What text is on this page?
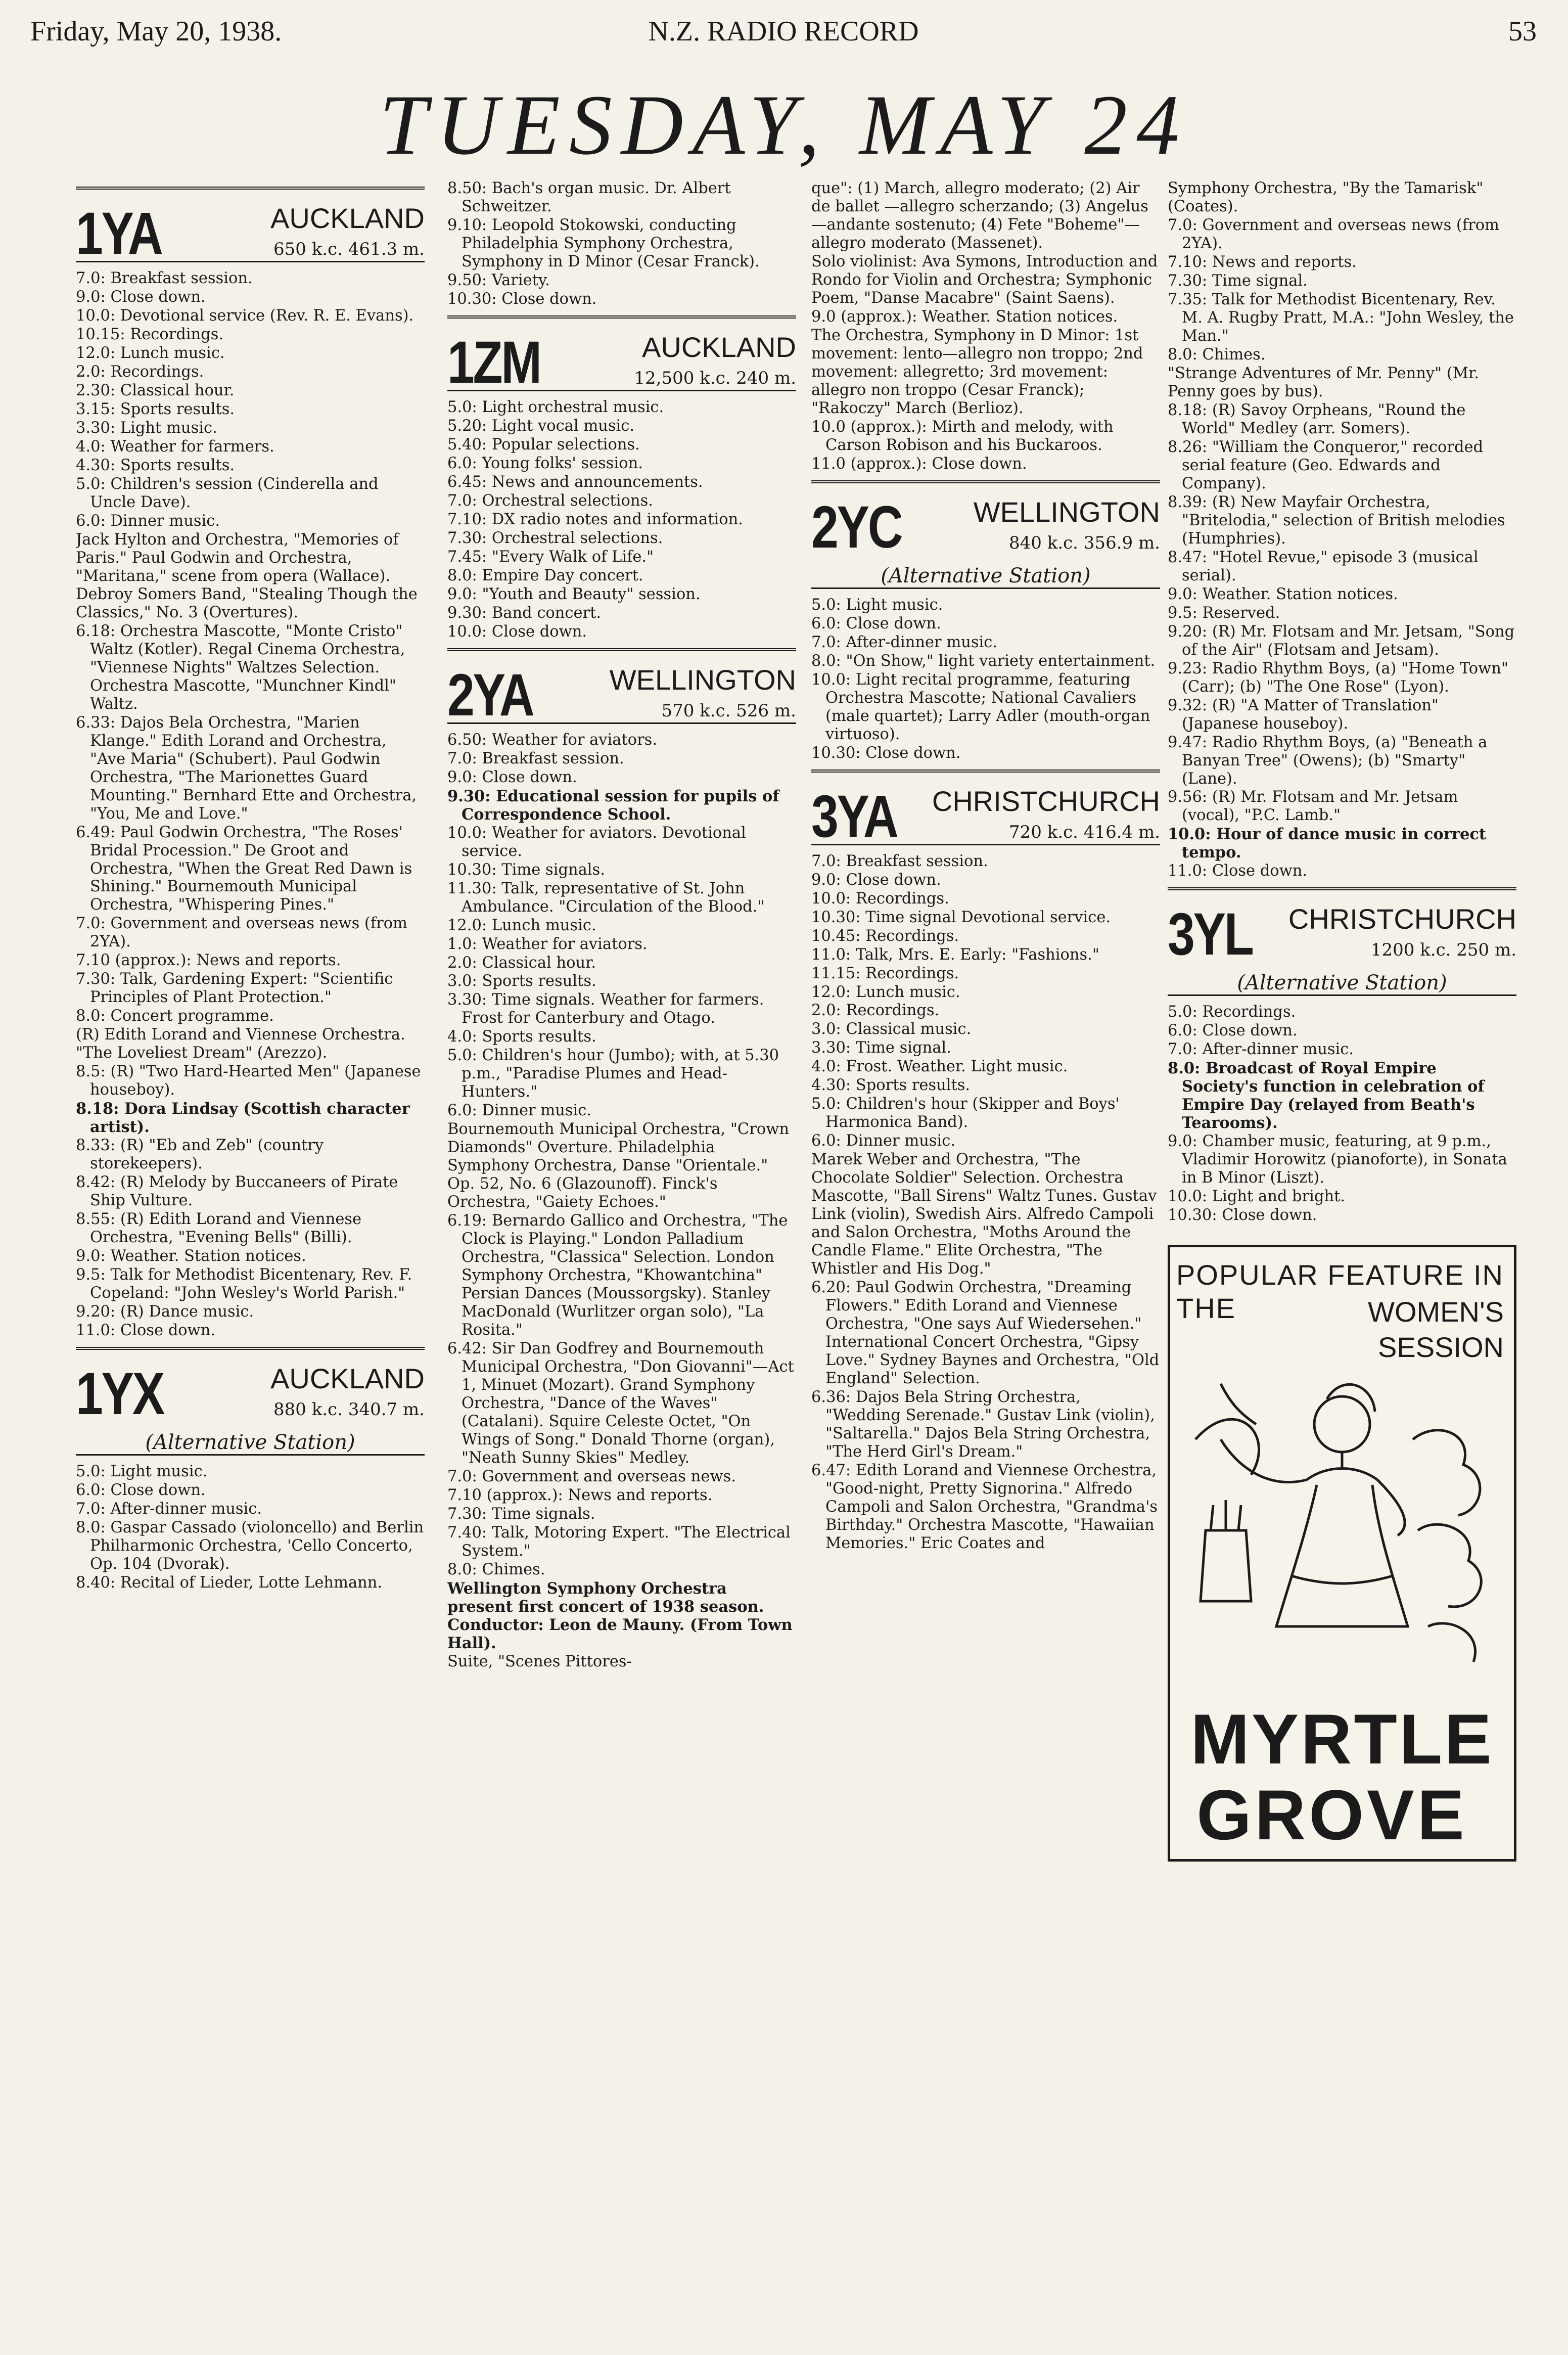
Friday, May 20, 1938.	N.Z. RADIO RECORD	53
TUESDAY, MAY 24
1YA	AUCKLAND
650 k.c. 461.3 m.
7.0: Breakfast session.
9.0: Close down.
10.0: Devotional service (Rev. R. E. Evans).
10.15: Recordings.
12.0: Lunch music.
2.0: Recordings.
2.30: Classical hour.
3.15: Sports results.
3.30: Light music.
4.0: Weather for farmers.
4.30: Sports results.
5.0: Children's session (Cinderella and Uncle Dave).
6.0: Dinner music.
Jack Hylton and Orchestra, "Memories of Paris." Paul Godwin and Orchestra, "Maritana," scene from opera (Wallace). Debroy Somers Band, "Stealing Though the Classics," No. 3 (Overtures).
6.18: Orchestra Mascotte, "Monte Cristo" Waltz (Kotler). Regal Cinema Orchestra, "Viennese Nights" Waltzes Selection. Orchestra Mascotte, "Munchner Kindl" Waltz.
6.33: Dajos Bela Orchestra, "Marien Klange." Edith Lorand and Orchestra, "Ave Maria" (Schubert). Paul Godwin Orchestra, "The Marionettes Guard Mounting." Bernhard Ette and Orchestra, "You, Me and Love."
6.49: Paul Godwin Orchestra, "The Roses' Bridal Procession." De Groot and Orchestra, "When the Great Red Dawn is Shining." Bournemouth Municipal Orchestra, "Whispering Pines."
7.0: Government and overseas news (from 2YA).
7.10 (approx.): News and reports.
7.30: Talk, Gardening Expert: "Scientific Principles of Plant Protection."
8.0: Concert programme.
(R) Edith Lorand and Viennese Orchestra. "The Loveliest Dream" (Arezzo).
8.5: (R) "Two Hard-Hearted Men" (Japanese houseboy).
8.18: Dora Lindsay (Scottish character artist).
8.33: (R) "Eb and Zeb" (country storekeepers).
8.42: (R) Melody by Buccaneers of Pirate Ship Vulture.
8.55: (R) Edith Lorand and Viennese Orchestra, "Evening Bells" (Billi).
9.0: Weather. Station notices.
9.5: Talk for Methodist Bicentenary, Rev. F. Copeland: "John Wesley's World Parish."
9.20: (R) Dance music.
11.0: Close down.
1YX	AUCKLAND
880 k.c. 340.7 m.
(Alternative Station)
5.0: Light music.
6.0: Close down.
7.0: After-dinner music.
8.0: Gaspar Cassado (violoncello) and Berlin Philharmonic Orchestra, 'Cello Concerto, Op. 104 (Dvorak).
8.40: Recital of Lieder, Lotte Lehmann.
8.50: Bach's organ music. Dr. Albert Schweitzer.
9.10: Leopold Stokowski, conducting Philadelphia Symphony Orchestra, Symphony in D Minor (Cesar Franck).
9.50: Variety.
10.30: Close down.
1ZM	AUCKLAND
12,500 k.c. 240 m.
5.0: Light orchestral music.
5.20: Light vocal music.
5.40: Popular selections.
6.0: Young folks' session.
6.45: News and announcements.
7.0: Orchestral selections.
7.10: DX radio notes and information.
7.30: Orchestral selections.
7.45: "Every Walk of Life."
8.0: Empire Day concert.
9.0: "Youth and Beauty" session.
9.30: Band concert.
10.0: Close down.
2YA	WELLINGTON
570 k.c. 526 m.
6.50: Weather for aviators.
7.0: Breakfast session.
9.0: Close down.
9.30: Educational session for pupils of Correspondence School.
10.0: Weather for aviators. Devotional service.
10.30: Time signals.
11.30: Talk, representative of St. John Ambulance. "Circulation of the Blood."
12.0: Lunch music.
1.0: Weather for aviators.
2.0: Classical hour.
3.0: Sports results.
3.30: Time signals. Weather for farmers. Frost for Canterbury and Otago.
4.0: Sports results.
5.0: Children's hour (Jumbo); with, at 5.30 p.m., "Paradise Plumes and Head-Hunters."
6.0: Dinner music.
Bournemouth Municipal Orchestra, "Crown Diamonds" Overture. Philadelphia Symphony Orchestra, Danse "Orientale." Op. 52, No. 6 (Glazounoff). Finck's Orchestra, "Gaiety Echoes."
6.19: Bernardo Gallico and Orchestra, "The Clock is Playing." London Palladium Orchestra, "Classica" Selection. London Symphony Orchestra, "Khowantchina" Persian Dances (Moussorgsky). Stanley MacDonald (Wurlitzer organ solo), "La Rosita."
6.42: Sir Dan Godfrey and Bournemouth Municipal Orchestra, "Don Giovanni"—Act 1, Minuet (Mozart). Grand Symphony Orchestra, "Dance of the Waves" (Catalani). Squire Celeste Octet, "On Wings of Song." Donald Thorne (organ), "Neath Sunny Skies" Medley.
7.0: Government and overseas news.
7.10 (approx.): News and reports.
7.30: Time signals.
7.40: Talk, Motoring Expert. "The Electrical System."
8.0: Chimes.
Wellington Symphony Orchestra present first concert of 1938 season. Conductor: Leon de Mauny. (From Town Hall).
Suite, "Scenes Pittores-
que": (1) March, allegro moderato; (2) Air de ballet —allegro scherzando; (3) Angelus—andante sostenuto; (4) Fete "Boheme"—allegro moderato (Massenet).
Solo violinist: Ava Symons, Introduction and Rondo for Violin and Orchestra; Symphonic Poem, "Danse Macabre" (Saint Saens).
9.0 (approx.): Weather. Station notices.
The Orchestra, Symphony in D Minor: 1st movement: lento—allegro non troppo; 2nd movement: allegretto; 3rd movement: allegro non troppo (Cesar Franck); "Rakoczy" March (Berlioz).
10.0 (approx.): Mirth and melody, with Carson Robison and his Buckaroos.
11.0 (approx.): Close down.
2YC	WELLINGTON
840 k.c. 356.9 m.
(Alternative Station)
5.0: Light music.
6.0: Close down.
7.0: After-dinner music.
8.0: "On Show," light variety entertainment.
10.0: Light recital programme, featuring Orchestra Mascotte; National Cavaliers (male quartet); Larry Adler (mouth-organ virtuoso).
10.30: Close down.
3YA CHRISTCHURCH
720 k.c. 416.4 m.
7.0: Breakfast session.
9.0: Close down.
10.0: Recordings.
10.30: Time signal Devotional service.
10.45: Recordings.
11.0: Talk, Mrs. E. Early: "Fashions."
11.15: Recordings.
12.0: Lunch music.
2.0: Recordings.
3.0: Classical music.
3.30: Time signal.
4.0: Frost. Weather. Light music.
4.30: Sports results.
5.0: Children's hour (Skipper and Boys' Harmonica Band).
6.0: Dinner music.
Marek Weber and Orchestra, "The Chocolate Soldier" Selection. Orchestra Mascotte, "Ball Sirens" Waltz Tunes. Gustav Link (violin), Swedish Airs. Alfredo Campoli and Salon Orchestra, "Moths Around the Candle Flame." Elite Orchestra, "The Whistler and His Dog."
6.20: Paul Godwin Orchestra, "Dreaming Flowers." Edith Lorand and Viennese Orchestra, "One says Auf Wiedersehen." International Concert Orchestra, "Gipsy Love." Sydney Baynes and Orchestra, "Old England" Selection.
6.36: Dajos Bela String Orchestra, "Wedding Serenade." Gustav Link (violin), "Saltarella." Dajos Bela String Orchestra, "The Herd Girl's Dream."
6.47: Edith Lorand and Viennese Orchestra, "Good-night, Pretty Signorina." Alfredo Campoli and Salon Orchestra, "Grandma's Birthday." Orchestra Mascotte, "Hawaiian Memories." Eric Coates and
Symphony Orchestra, "By the Tamarisk" (Coates).
7.0: Government and overseas news (from 2YA).
7.10: News and reports.
7.30: Time signal.
7.35: Talk for Methodist Bicentenary, Rev. M. A. Rugby Pratt, M.A.: "John Wesley, the Man."
8.0: Chimes.
"Strange Adventures of Mr. Penny" (Mr. Penny goes by bus).
8.18: (R) Savoy Orpheans, "Round the World" Medley (arr. Somers).
8.26: "William the Conqueror," recorded serial feature (Geo. Edwards and Company).
8.39: (R) New Mayfair Orchestra, "Britelodia," selection of British melodies (Humphries).
8.47: "Hotel Revue," episode 3 (musical serial).
9.0: Weather. Station notices.
9.5: Reserved.
9.20: (R) Mr. Flotsam and Mr. Jetsam, "Song of the Air" (Flotsam and Jetsam).
9.23: Radio Rhythm Boys, (a) "Home Town" (Carr); (b) "The One Rose" (Lyon).
9.32: (R) "A Matter of Translation" (Japanese houseboy).
9.47: Radio Rhythm Boys, (a) "Beneath a Banyan Tree" (Owens); (b) "Smarty" (Lane).
9.56: (R) Mr. Flotsam and Mr. Jetsam (vocal), "P.C. Lamb."
10.0: Hour of dance music in correct tempo.
11.0: Close down.
3YL CHRISTCHURCH
1200 k.c. 250 m.
(Alternative Station)
5.0: Recordings.
6.0: Close down.
7.0: After-dinner music.
8.0: Broadcast of Royal Empire Society's function in celebration of Empire Day (relayed from Beath's Tearooms).
9.0: Chamber music, featuring, at 9 p.m., Vladimir Horowitz (pianoforte), in Sonata in B Minor (Liszt).
10.0: Light and bright.
10.30: Close down.
POPULAR FEATURE IN THE	WOMEN'S
SESSION
MYRTLE
GROVE
